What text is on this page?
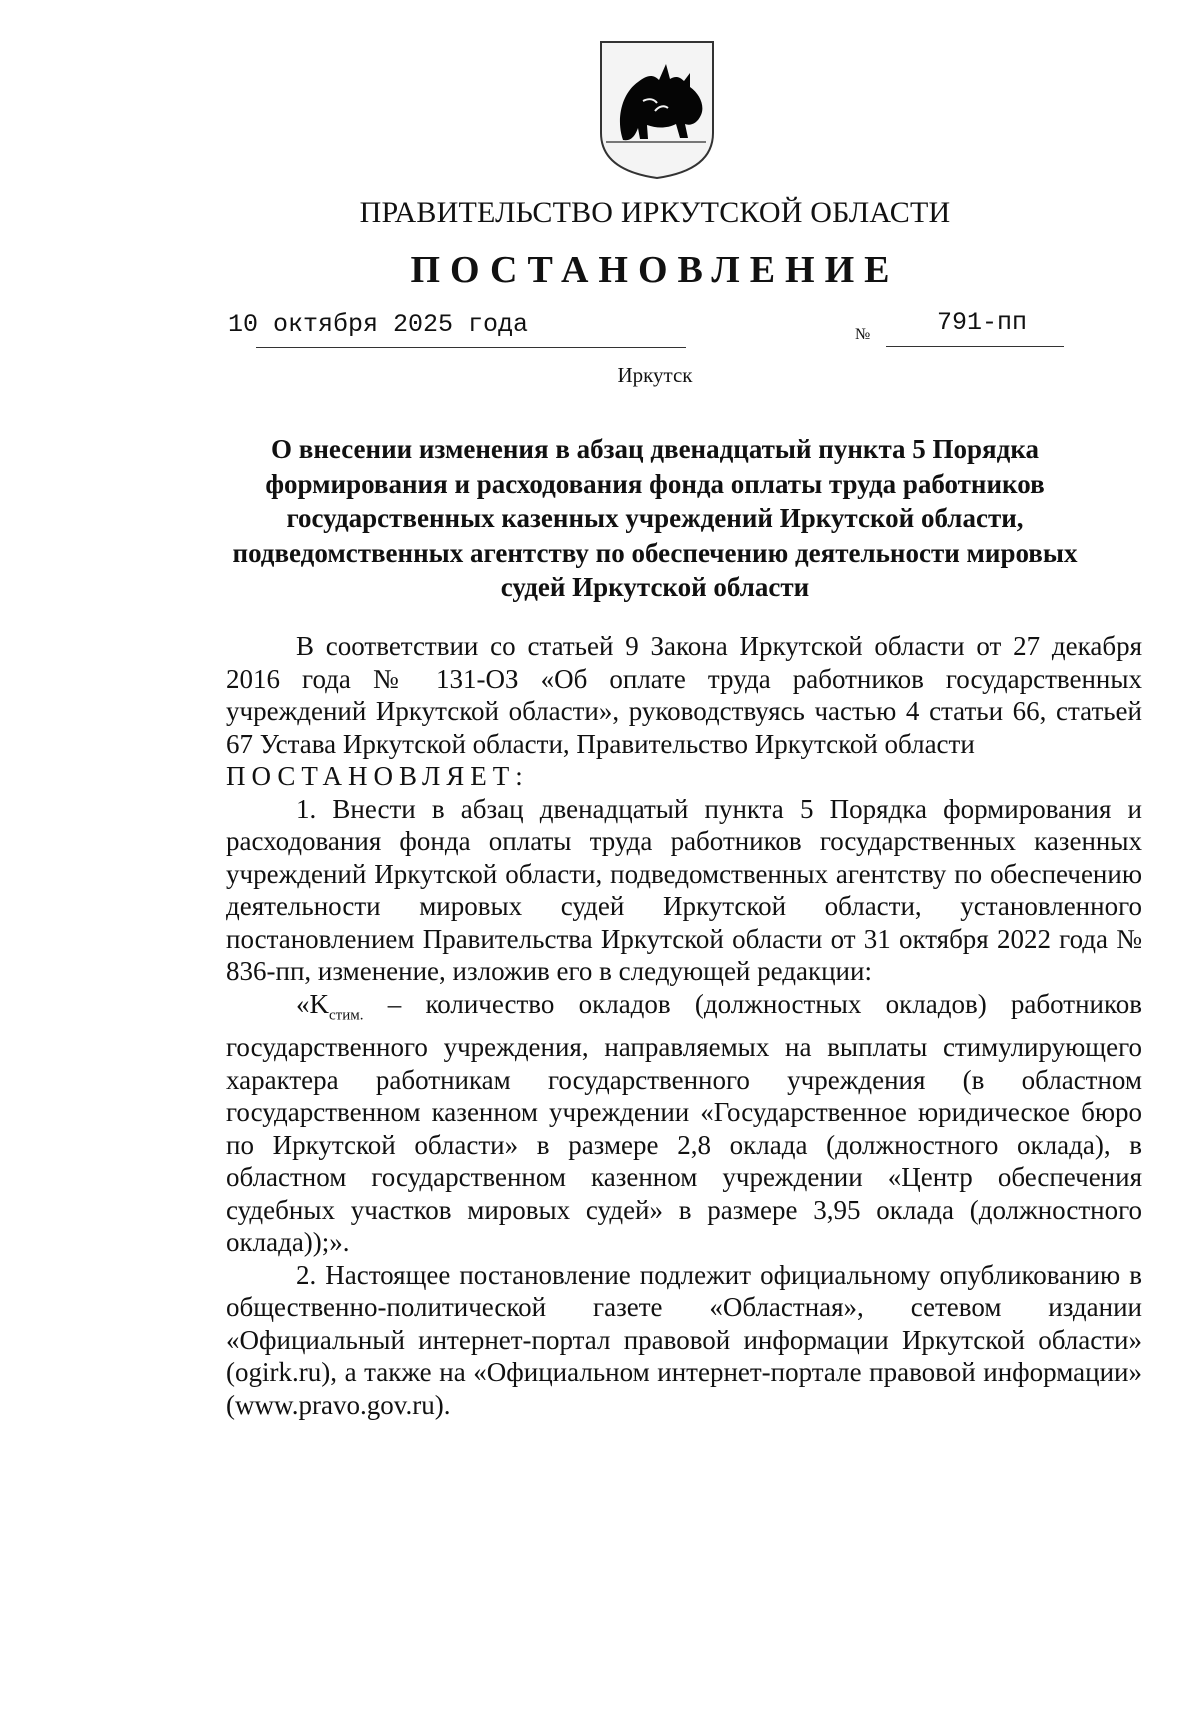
ПРАВИТЕЛЬСТВО ИРКУТСКОЙ ОБЛАСТИ
ПОСТАНОВЛЕНИЕ
10 октября 2025 года	№	791-пп
Иркутск
О внесении изменения в абзац двенадцатый пункта 5 Порядка
формирования и расходования фонда оплаты труда работников
государственных казенных учреждений Иркутской области,
подведомственных агентству по обеспечению деятельности мировых
судей Иркутской области

В соответствии со статьей 9 Закона Иркутской области от 27 декабря 2016 года № 131-ОЗ «Об оплате труда работников государственных учреждений Иркутской области», руководствуясь частью 4 статьи 66, статьей 67 Устава Иркутской области, Правительство Иркутской области

ПОСТАНОВЛЯЕТ:

1. Внести в абзац двенадцатый пункта 5 Порядка формирования и расходования фонда оплаты труда работников государственных казенных учреждений Иркутской области, подведомственных агентству по обеспечению деятельности мировых судей Иркутской области, установленного постановлением Правительства Иркутской области от 31 октября 2022 года № 836-пп, изменение, изложив его в следующей редакции:

«$K_{стим.}$ – количество окладов (должностных окладов) работников государственного учреждения, направляемых на выплаты стимулирующего характера работникам государственного учреждения (в областном государственном казенном учреждении «Государственное юридическое бюро по Иркутской области» в размере 2,8 оклада (должностного оклада), в областном государственном казенном учреждении «Центр обеспечения судебных участков мировых судей» в размере 3,95 оклада (должностного оклада));».

2. Настоящее постановление подлежит официальному опубликованию в общественно-политической газете «Областная», сетевом издании «Официальный интернет-портал правовой информации Иркутской области» (ogirk.ru), а также на «Официальном интернет-портале правовой информации» (www.pravo.gov.ru).
